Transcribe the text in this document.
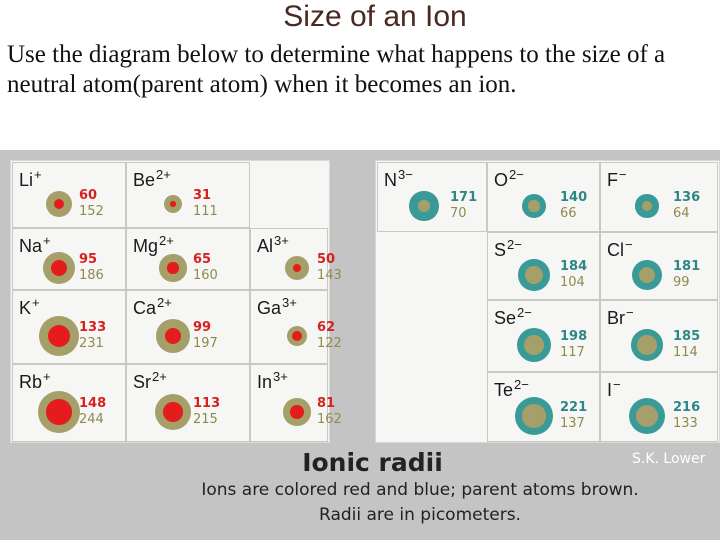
Size of an Ion
Use the diagram below to determine what happens to the size of a neutral atom(parent atom) when it becomes an ion.
Li+
60
152
$Be^{2+}$
31
111
Na+
95
186
$Mg^{2+}$
65
160
$Al^{3+}$
50
143
K+
133
231
$Ca^{2+}$
99
197
$Ga^{3+}$
62
122
Rb+
148
244
$Sr^{2+}$
113
215
$In^{3+}$
81
162
$N^{3-}$
171
70
$O^{2-}$
140
66
F−
136
64
$S^{2-}$
184
104
Cl−
181
99
$Se^{2-}$
198
117
Br−
185
114
$Te^{2-}$
221
137
I−
216
133
Ionic radii
Ions are colored red and blue; parent atoms brown.
Radii are in picometers.
S.K. Lower
